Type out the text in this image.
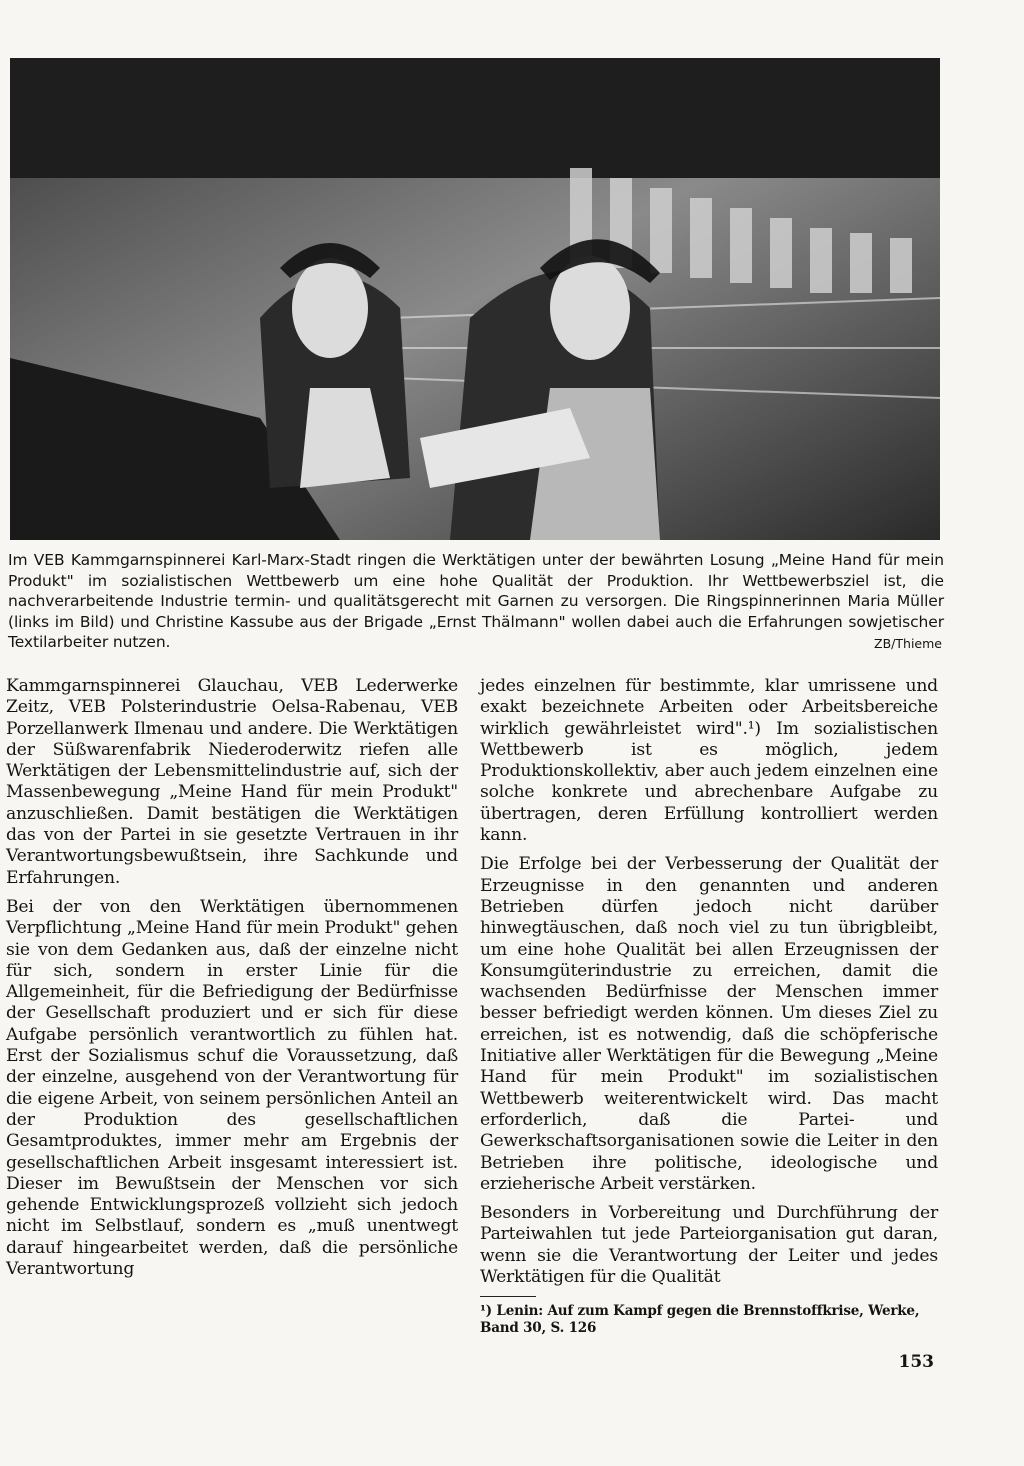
Im VEB Kammgarnspinnerei Karl-Marx-Stadt ringen die Werktätigen unter der bewährten Losung „Meine Hand für mein Produkt" im sozialistischen Wettbewerb um eine hohe Qualität der Produktion. Ihr Wettbewerbsziel ist, die nachverarbeitende Industrie termin- und qualitätsgerecht mit Garnen zu versorgen. Die Ringspinnerinnen Maria Müller (links im Bild) und Christine Kassube aus der Brigade „Ernst Thälmann" wollen dabei auch die Erfahrungen sowjetischer Textilarbeiter nutzen.	ZB/Thieme

Kammgarnspinnerei Glauchau, VEB Lederwerke Zeitz, VEB Polsterindustrie Oelsa-Rabenau, VEB Porzellanwerk Ilmenau und andere. Die Werktätigen der Süßwarenfabrik Niederoderwitz riefen alle Werktätigen der Lebensmittelindustrie auf, sich der Massenbewegung „Meine Hand für mein Produkt" anzuschließen. Damit bestätigen die Werktätigen das von der Partei in sie gesetzte Vertrauen in ihr Verantwortungsbewußtsein, ihre Sachkunde und Erfahrungen.

Bei der von den Werktätigen übernommenen Verpflichtung „Meine Hand für mein Produkt" gehen sie von dem Gedanken aus, daß der einzelne nicht für sich, sondern in erster Linie für die Allgemeinheit, für die Befriedigung der Bedürfnisse der Gesellschaft produziert und er sich für diese Aufgabe persönlich verantwortlich zu fühlen hat. Erst der Sozialismus schuf die Voraussetzung, daß der einzelne, ausgehend von der Verantwortung für die eigene Arbeit, von seinem persönlichen Anteil an der Produktion des gesellschaftlichen Gesamtproduktes, immer mehr am Ergebnis der gesellschaftlichen Arbeit insgesamt interessiert ist. Dieser im Bewußtsein der Menschen vor sich gehende Entwicklungsprozeß vollzieht sich jedoch nicht im Selbstlauf, sondern es „muß unentwegt darauf hingearbeitet werden, daß die persönliche Verantwortung

jedes einzelnen für bestimmte, klar umrissene und exakt bezeichnete Arbeiten oder Arbeitsbereiche wirklich gewährleistet wird".¹) Im sozialistischen Wettbewerb ist es möglich, jedem Produktionskollektiv, aber auch jedem einzelnen eine solche konkrete und abrechenbare Aufgabe zu übertragen, deren Erfüllung kontrolliert werden kann.

Die Erfolge bei der Verbesserung der Qualität der Erzeugnisse in den genannten und anderen Betrieben dürfen jedoch nicht darüber hinwegtäuschen, daß noch viel zu tun übrigbleibt, um eine hohe Qualität bei allen Erzeugnissen der Konsumgüterindustrie zu erreichen, damit die wachsenden Bedürfnisse der Menschen immer besser befriedigt werden können. Um dieses Ziel zu erreichen, ist es notwendig, daß die schöpferische Initiative aller Werktätigen für die Bewegung „Meine Hand für mein Produkt" im sozialistischen Wettbewerb weiterentwickelt wird. Das macht erforderlich, daß die Partei- und Gewerkschaftsorganisationen sowie die Leiter in den Betrieben ihre politische, ideologische und erzieherische Arbeit verstärken.

Besonders in Vorbereitung und Durchführung der Parteiwahlen tut jede Parteiorganisation gut daran, wenn sie die Verantwortung der Leiter und jedes Werktätigen für die Qualität

¹) Lenin: Auf zum Kampf gegen die Brennstoffkrise, Werke, Band 30, S. 126
153
